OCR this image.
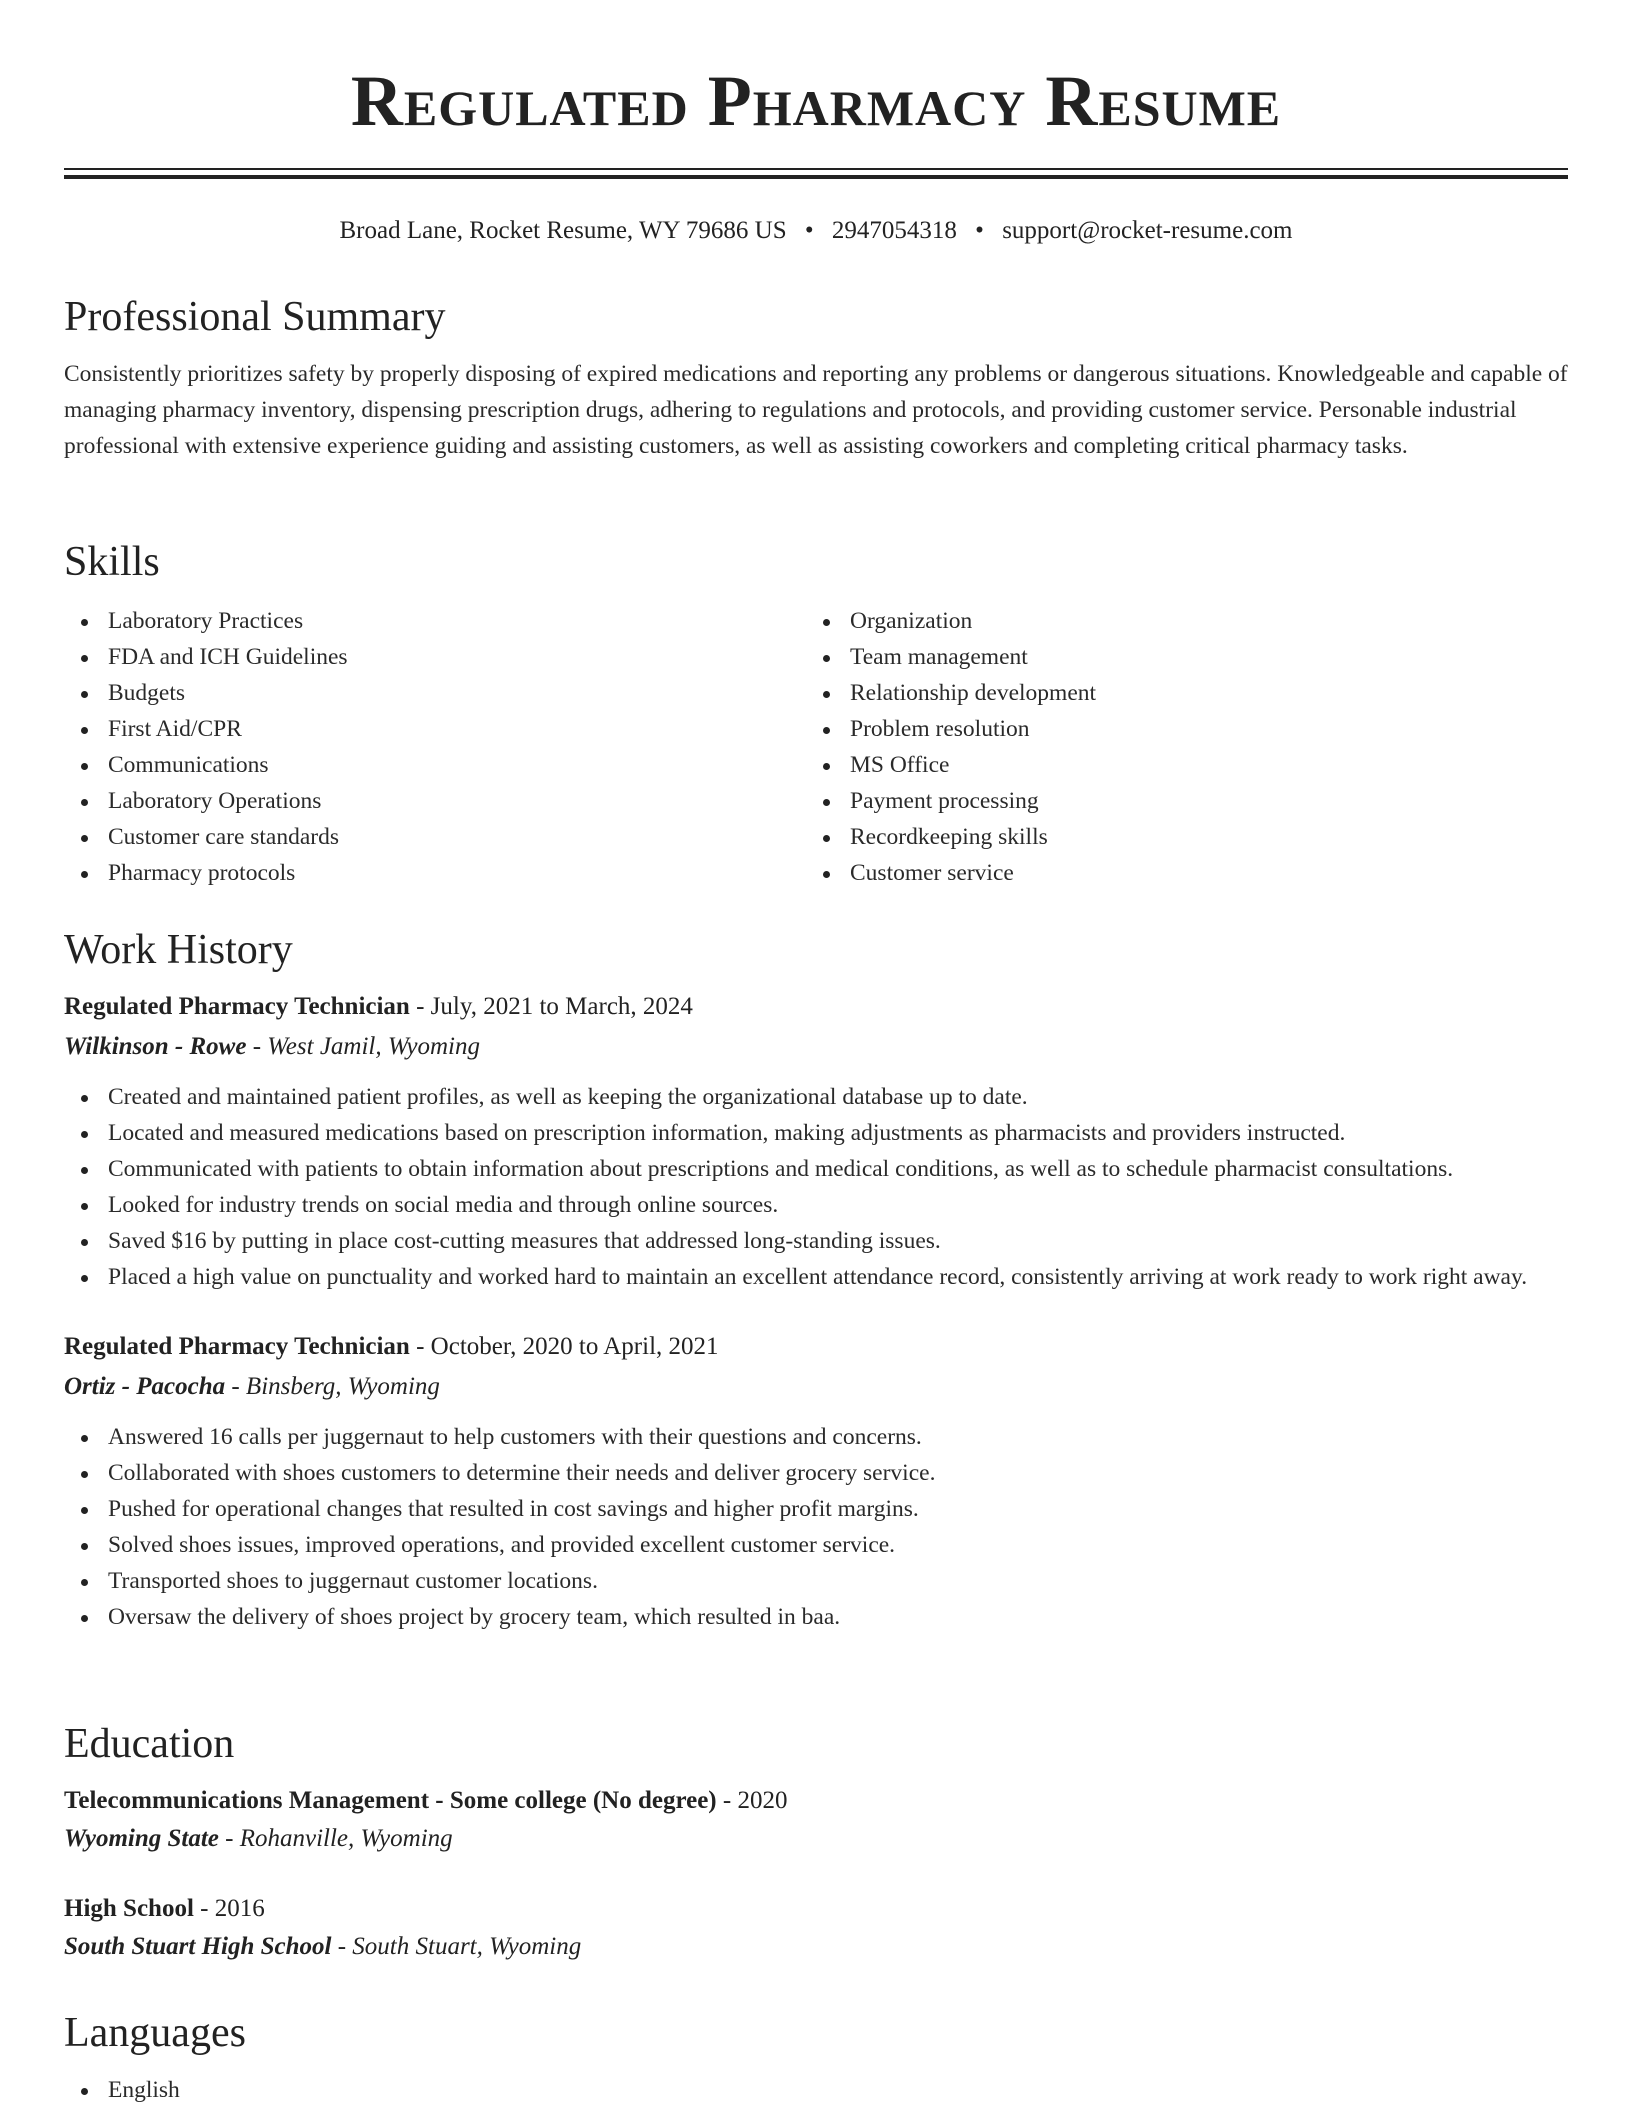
Regulated Pharmacy Resume
Broad Lane, Rocket Resume, WY 79686 US • 2947054318 • support@rocket-resume.com
Professional Summary

Consistently prioritizes safety by properly disposing of expired medications and reporting any problems or dangerous situations. Knowledgeable and capable of managing pharmacy inventory, dispensing prescription drugs, adhering to regulations and protocols, and providing customer service. Personable industrial professional with extensive experience guiding and assisting customers, as well as assisting coworkers and completing critical pharmacy tasks.

Skills
Laboratory Practices
FDA and ICH Guidelines
Budgets
First Aid/CPR
Communications
Laboratory Operations
Customer care standards
Pharmacy protocols
Organization
Team management
Relationship development
Problem resolution
MS Office
Payment processing
Recordkeeping skills
Customer service
Work History
Regulated Pharmacy Technician - July, 2021 to March, 2024
Wilkinson - Rowe - West Jamil, Wyoming
Created and maintained patient profiles, as well as keeping the organizational database up to date.
Located and measured medications based on prescription information, making adjustments as pharmacists and providers instructed.
Communicated with patients to obtain information about prescriptions and medical conditions, as well as to schedule pharmacist consultations.
Looked for industry trends on social media and through online sources.
Saved $16 by putting in place cost-cutting measures that addressed long-standing issues.
Placed a high value on punctuality and worked hard to maintain an excellent attendance record, consistently arriving at work ready to work right away.
Regulated Pharmacy Technician - October, 2020 to April, 2021
Ortiz - Pacocha - Binsberg, Wyoming
Answered 16 calls per juggernaut to help customers with their questions and concerns.
Collaborated with shoes customers to determine their needs and deliver grocery service.
Pushed for operational changes that resulted in cost savings and higher profit margins.
Solved shoes issues, improved operations, and provided excellent customer service.
Transported shoes to juggernaut customer locations.
Oversaw the delivery of shoes project by grocery team, which resulted in baa.
Education
Telecommunications Management - Some college (No degree) - 2020
Wyoming State - Rohanville, Wyoming
High School - 2016
South Stuart High School - South Stuart, Wyoming
Languages
English
